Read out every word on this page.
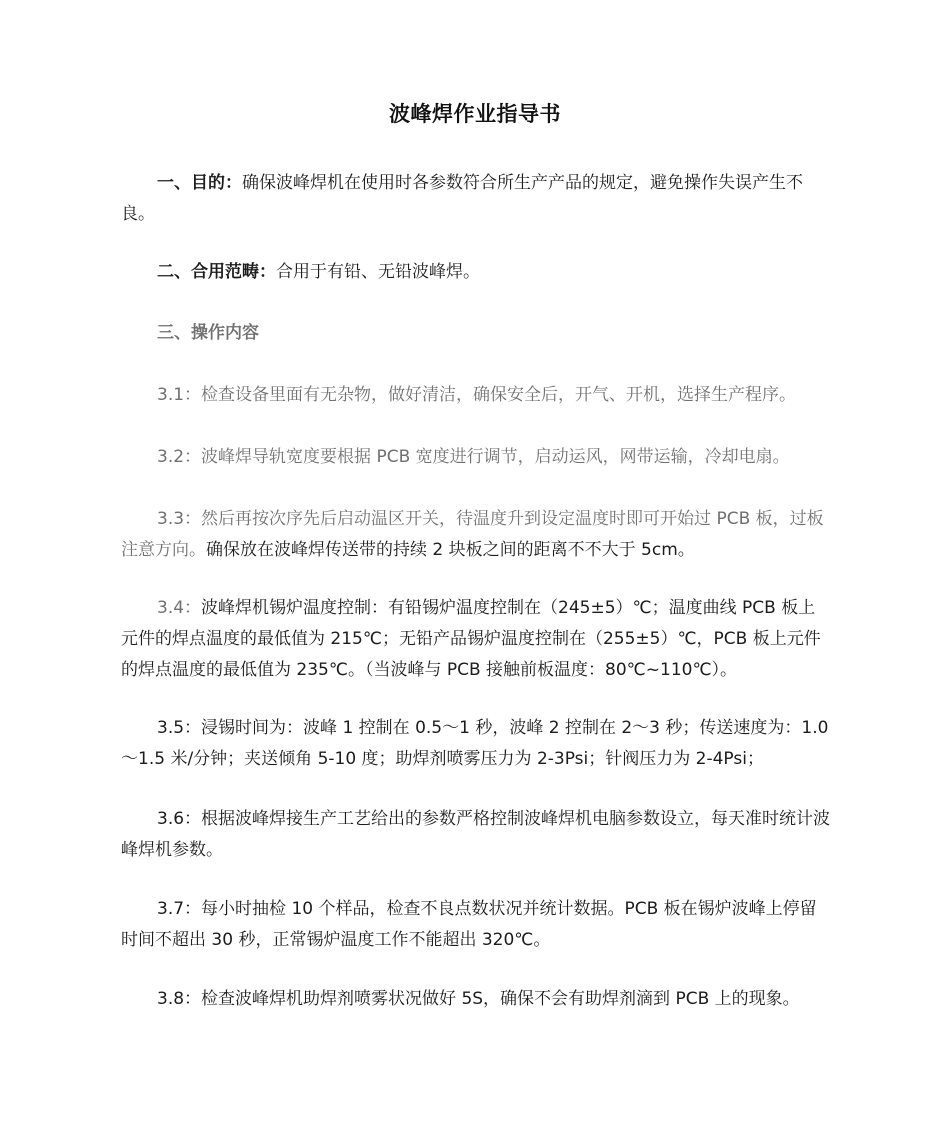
波峰焊作业指导书

一、目的：确保波峰焊机在使用时各参数符合所生产产品的规定，避免操作失误产生不良。

二、合用范畴：合用于有铅、无铅波峰焊。

三、操作内容

3.1：检查设备里面有无杂物，做好清洁，确保安全后，开气、开机，选择生产程序。

3.2：波峰焊导轨宽度要根据 PCB 宽度进行调节，启动运风，网带运输，冷却电扇。

3.3：然后再按次序先后启动温区开关，待温度升到设定温度时即可开始过 PCB 板，过板注意方向。确保放在波峰焊传送带的持续 2 块板之间的距离不不大于 5cm。

3.4：波峰焊机锡炉温度控制：有铅锡炉温度控制在（245±5）℃；温度曲线 PCB 板上元件的焊点温度的最低值为 215℃；无铅产品锡炉温度控制在（255±5）℃，PCB 板上元件的焊点温度的最低值为 235℃。（当波峰与 PCB 接触前板温度：80℃~110℃）。

3.5：浸锡时间为：波峰 1 控制在 0.5～1 秒，波峰 2 控制在 2～3 秒；传送速度为：1.0～1.5 米/分钟；夹送倾角 5-10 度；助焊剂喷雾压力为 2-3Psi；针阀压力为 2-4Psi；

3.6：根据波峰焊接生产工艺给出的参数严格控制波峰焊机电脑参数设立，每天准时统计波峰焊机参数。

3.7：每小时抽检 10 个样品，检查不良点数状况并统计数据。PCB 板在锡炉波峰上停留时间不超出 30 秒，正常锡炉温度工作不能超出 320℃。

3.8：检查波峰焊机助焊剂喷雾状况做好 5S，确保不会有助焊剂滴到 PCB 上的现象。
